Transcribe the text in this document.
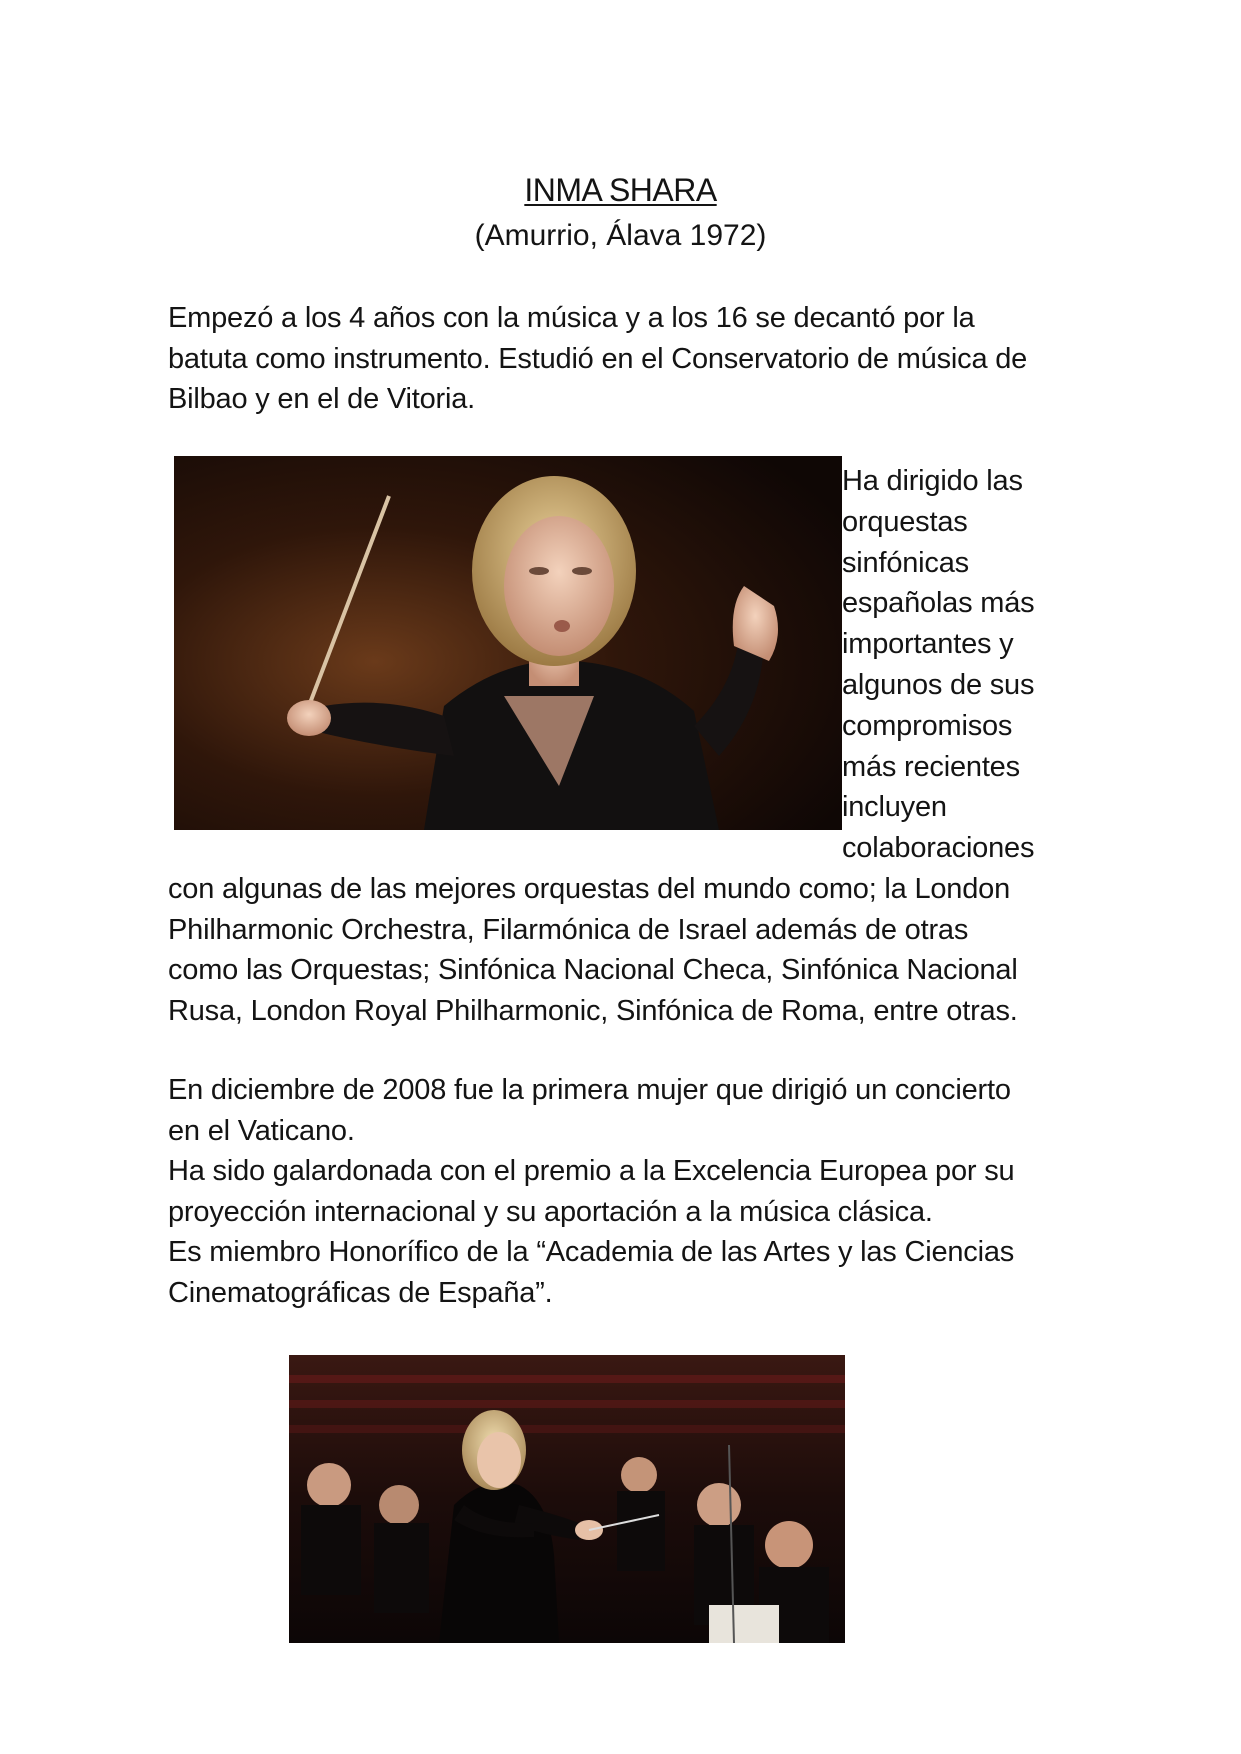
INMA SHARA

(Amurrio, Álava 1972)

Empezó a los 4 años con la música y a los 16 se decantó por la
batuta como instrumento. Estudió en el Conservatorio de música de
Bilbao y en el de Vitoria.
Ha dirigido las
orquestas
sinfónicas
españolas más
importantes y
algunos de sus
compromisos
más recientes
incluyen
colaboraciones
con algunas de las mejores orquestas del mundo como; la London
Philharmonic Orchestra, Filarmónica de Israel además de otras
como las Orquestas; Sinfónica Nacional Checa, Sinfónica Nacional
Rusa, London Royal Philharmonic, Sinfónica de Roma, entre otras.
En diciembre de 2008 fue la primera mujer que dirigió un concierto
en el Vaticano.
Ha sido galardonada con el premio a la Excelencia Europea por su
proyección internacional y su aportación a la música clásica.
Es miembro Honorífico de la “Academia de las Artes y las Ciencias
Cinematográficas de España”.
